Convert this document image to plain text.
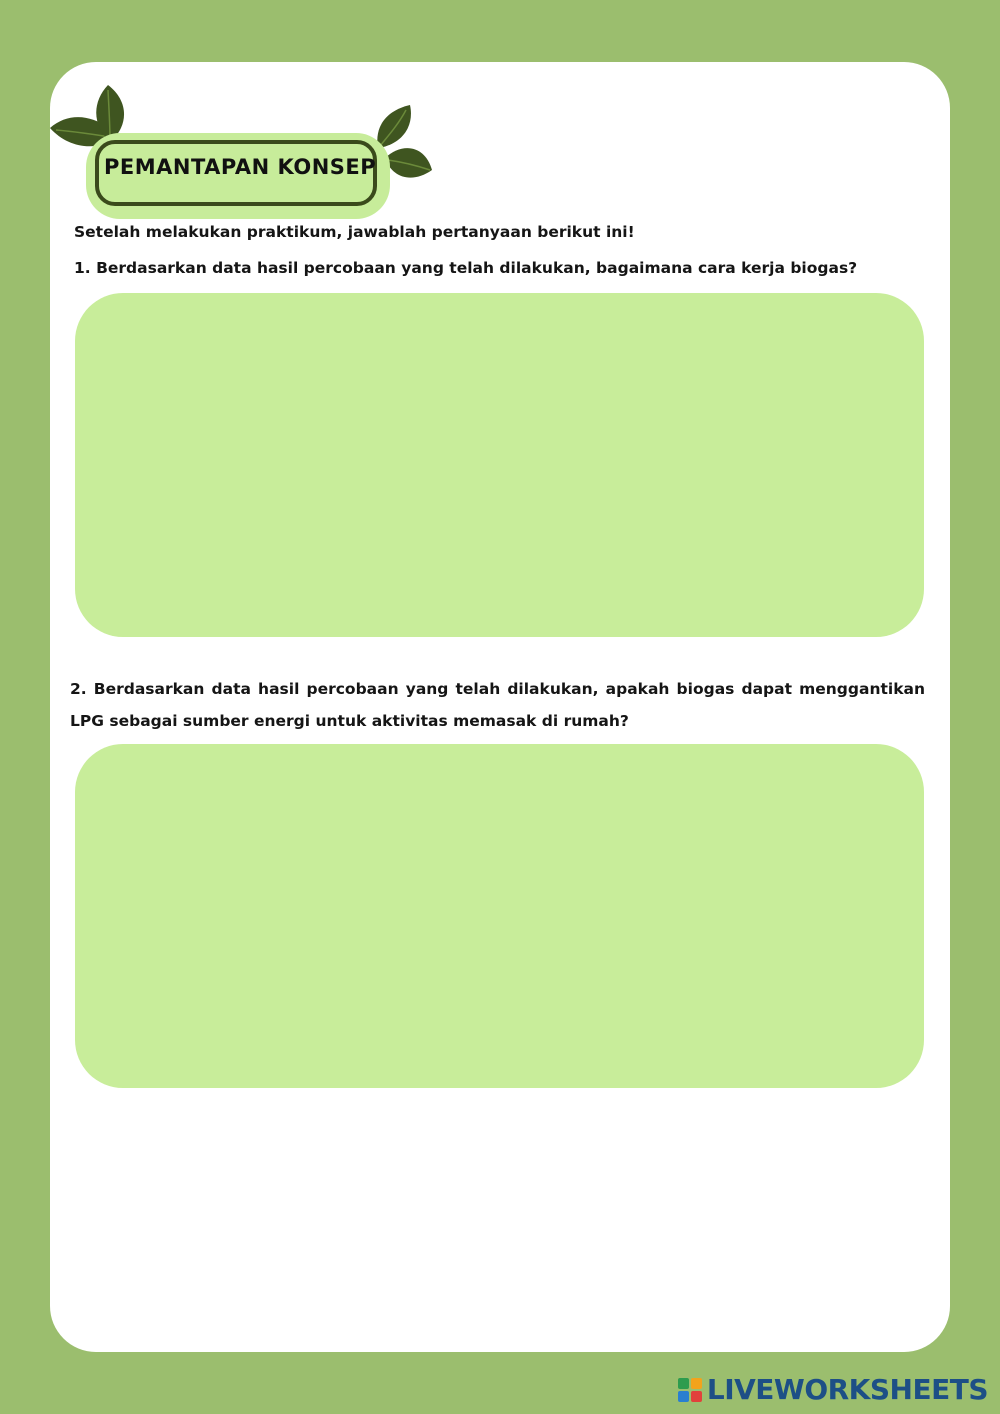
PEMANTAPAN KONSEP

Setelah melakukan praktikum, jawablah pertanyaan berikut ini!

1. Berdasarkan data hasil percobaan yang telah dilakukan, bagaimana cara kerja biogas?

2. Berdasarkan data hasil percobaan yang telah dilakukan, apakah biogas dapat menggantikan LPG sebagai sumber energi untuk aktivitas memasak di rumah?

LIVEWORKSHEETS
